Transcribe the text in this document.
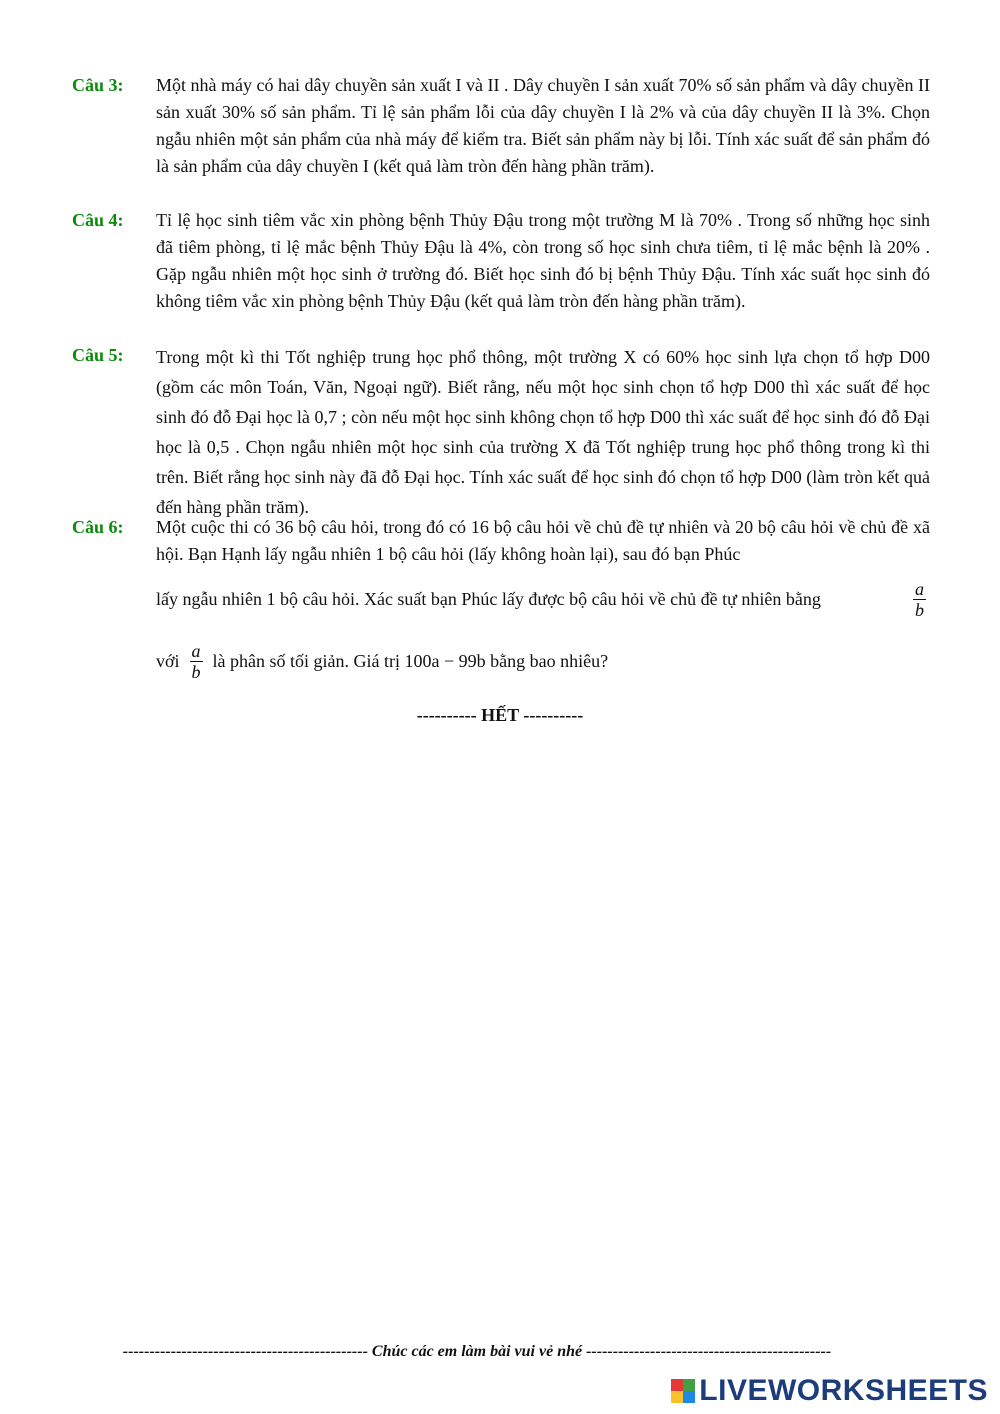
Câu 3: Một nhà máy có hai dây chuyền sản xuất I và II . Dây chuyền I sản xuất 70% số sản phẩm và dây chuyền II sản xuất 30% số sản phẩm. Tỉ lệ sản phẩm lỗi của dây chuyền I là 2% và của dây chuyền II là 3%. Chọn ngẫu nhiên một sản phẩm của nhà máy để kiểm tra. Biết sản phẩm này bị lỗi. Tính xác suất để sản phẩm đó là sản phẩm của dây chuyền I (kết quả làm tròn đến hàng phần trăm).

Câu 4: Tỉ lệ học sinh tiêm vắc xin phòng bệnh Thủy Đậu trong một trường M là 70% . Trong số những học sinh đã tiêm phòng, tỉ lệ mắc bệnh Thủy Đậu là 4%, còn trong số học sinh chưa tiêm, tỉ lệ mắc bệnh là 20% . Gặp ngẫu nhiên một học sinh ở trường đó. Biết học sinh đó bị bệnh Thủy Đậu. Tính xác suất học sinh đó không tiêm vắc xin phòng bệnh Thủy Đậu (kết quả làm tròn đến hàng phần trăm).

Câu 5: Trong một kì thi Tốt nghiệp trung học phổ thông, một trường X có 60% học sinh lựa chọn tổ hợp D00 (gồm các môn Toán, Văn, Ngoại ngữ). Biết rằng, nếu một học sinh chọn tổ hợp D00 thì xác suất để học sinh đó đỗ Đại học là 0,7 ; còn nếu một học sinh không chọn tổ hợp D00 thì xác suất để học sinh đó đỗ Đại học là 0,5 . Chọn ngẫu nhiên một học sinh của trường X đã Tốt nghiệp trung học phổ thông trong kì thi trên. Biết rằng học sinh này đã đỗ Đại học. Tính xác suất để học sinh đó chọn tổ hợp D00 (làm tròn kết quả đến hàng phần trăm).

Câu 6: Một cuộc thi có 36 bộ câu hỏi, trong đó có 16 bộ câu hỏi về chủ đề tự nhiên và 20 bộ câu hỏi về chủ đề xã hội. Bạn Hạnh lấy ngẫu nhiên 1 bộ câu hỏi (lấy không hoàn lại), sau đó bạn Phúc

lấy ngẫu nhiên 1 bộ câu hỏi. Xác suất bạn Phúc lấy được bộ câu hỏi về chủ đề tự nhiên bằng	$\frac{a}{b}$
với $\frac{a}{b}$ là phân số tối giản. Giá trị 100a − 99b bằng bao nhiêu?
---------- HẾT ----------
---------------------------------------------- Chúc các em làm bài vui vẻ nhé ----------------------------------------------
LIVEWORKSHEETS
